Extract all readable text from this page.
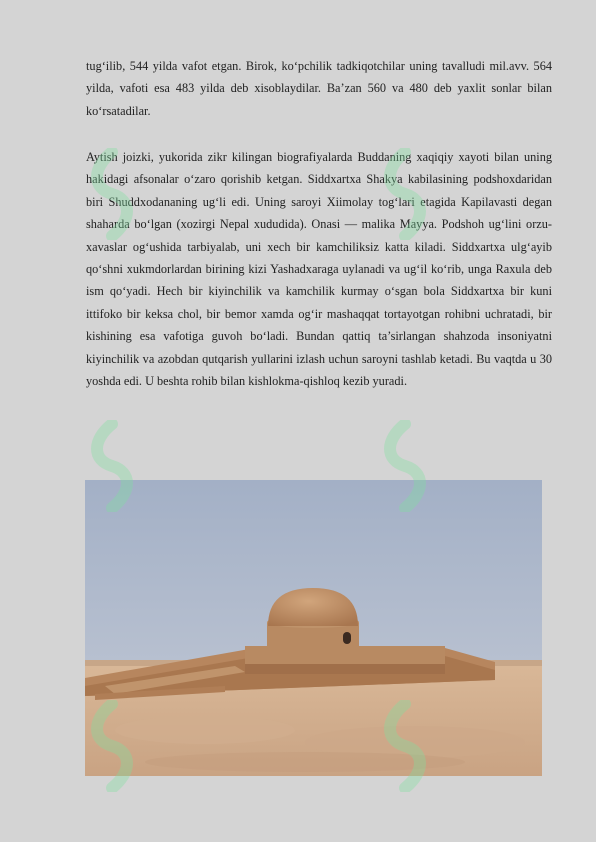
tug‘ilib, 544 yilda vafot etgan. Birok, ko‘pchilik tadkiqotchilar uning tavalludi mil.avv. 564 yilda, vafoti esa 483 yilda deb xisoblaydilar. Ba’zan 560 va 480 deb yaxlit sonlar bilan ko‘rsatadilar.

Aytish joizki, yukorida zikr kilingan biografiyalarda Buddaning xaqiqiy xayoti bilan uning hakidagi afsonalar o‘zaro qorishib ketgan. Siddxartxa Shakya kabilasining podshoxdaridan biri Shuddxodananing ug‘li edi. Uning saroyi Xiimolay tog‘lari etagida Kapilavasti degan shaharda bo‘lgan (xozirgi Nepal xududida). Onasi — malika Mayya. Podshoh ug‘lini orzu-xavaslar og‘ushida tarbiyalab, uni xech bir kamchiliksiz katta kiladi. Siddxartxa ulg‘ayib qo‘shni xukmdorlardan birining kizi Yashadxaraga uylanadi va ug‘il ko‘rib, unga Raxula deb ism qo‘yadi. Hech bir kiyinchilik va kamchilik kurmay o‘sgan bola Siddxartxa bir kuni ittifoko bir keksa chol, bir bemor xamda og‘ir mashaqqat tortayotgan rohibni uchratadi, bir kishining esa vafotiga guvoh bo‘ladi. Bundan qattiq ta’sirlangan shahzoda insoniyatni kiyinchilik va azobdan qutqarish yullarini izlash uchun saroyni tashlab ketadi. Bu vaqtda u 30 yoshda edi. U beshta rohib bilan kishlokma-qishloq kezib yuradi.
